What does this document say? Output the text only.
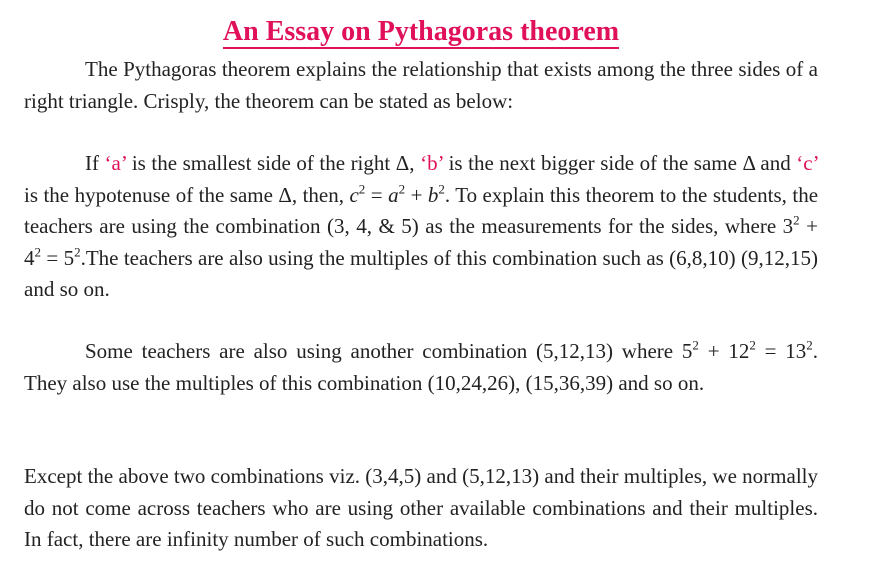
An Essay on Pythagoras theorem

The Pythagoras theorem explains the relationship that exists among the three sides of a right triangle. Crisply, the theorem can be stated as below:

If ‘a’ is the smallest side of the right Δ, ‘b’ is the next bigger side of the same Δ and ‘c’ is the hypotenuse of the same Δ, then, $c^2 = a^2 + b^2$. To explain this theorem to the students, the teachers are using the combination (3, 4, & 5) as the measurements for the sides, where $3^2 + 4^2 = 5^2.The$ teachers are also using the multiples of this combination such as (6,8,10) (9,12,15) and so on.

Some teachers are also using another combination (5,12,13) where $5^2 + 12^2 = 13^2$. They also use the multiples of this combination (10,24,26), (15,36,39) and so on.

Except the above two combinations viz. (3,4,5) and (5,12,13) and their multiples, we normally do not come across teachers who are using other available combinations and their multiples. In fact, there are infinity number of such combinations.
